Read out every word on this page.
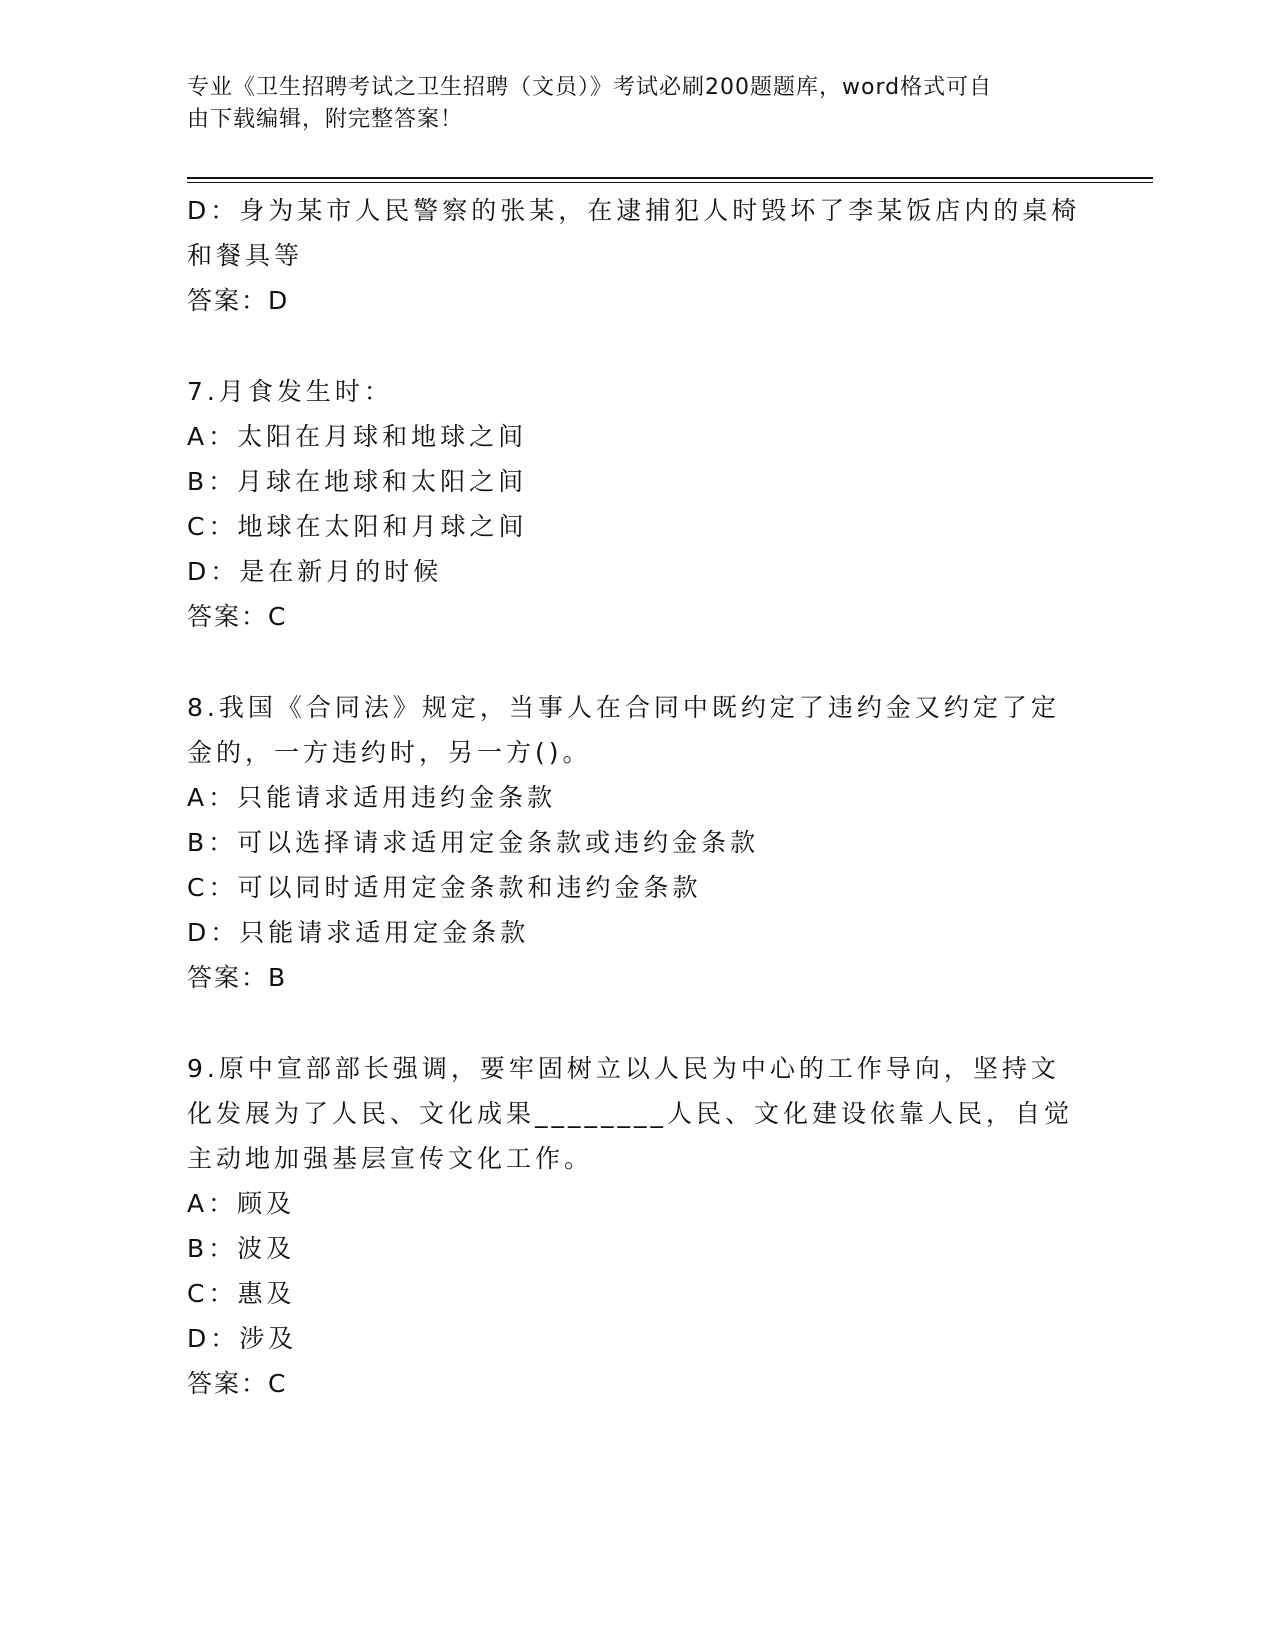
专业《卫生招聘考试之卫生招聘（文员）》考试必刷200题题库，word格式可自
由下载编辑，附完整答案！
D：身为某市人民警察的张某，在逮捕犯人时毁坏了李某饭店内的桌椅
和餐具等
答案：D
7.月食发生时：
A：太阳在月球和地球之间
B：月球在地球和太阳之间
C：地球在太阳和月球之间
D：是在新月的时候
答案：C
8.我国《合同法》规定，当事人在合同中既约定了违约金又约定了定
金的，一方违约时，另一方()。
A：只能请求适用违约金条款
B：可以选择请求适用定金条款或违约金条款
C：可以同时适用定金条款和违约金条款
D：只能请求适用定金条款
答案：B
9.原中宣部部长强调，要牢固树立以人民为中心的工作导向，坚持文
化发展为了人民、文化成果________人民、文化建设依靠人民，自觉
主动地加强基层宣传文化工作。
A：顾及
B：波及
C：惠及
D：涉及
答案：C
